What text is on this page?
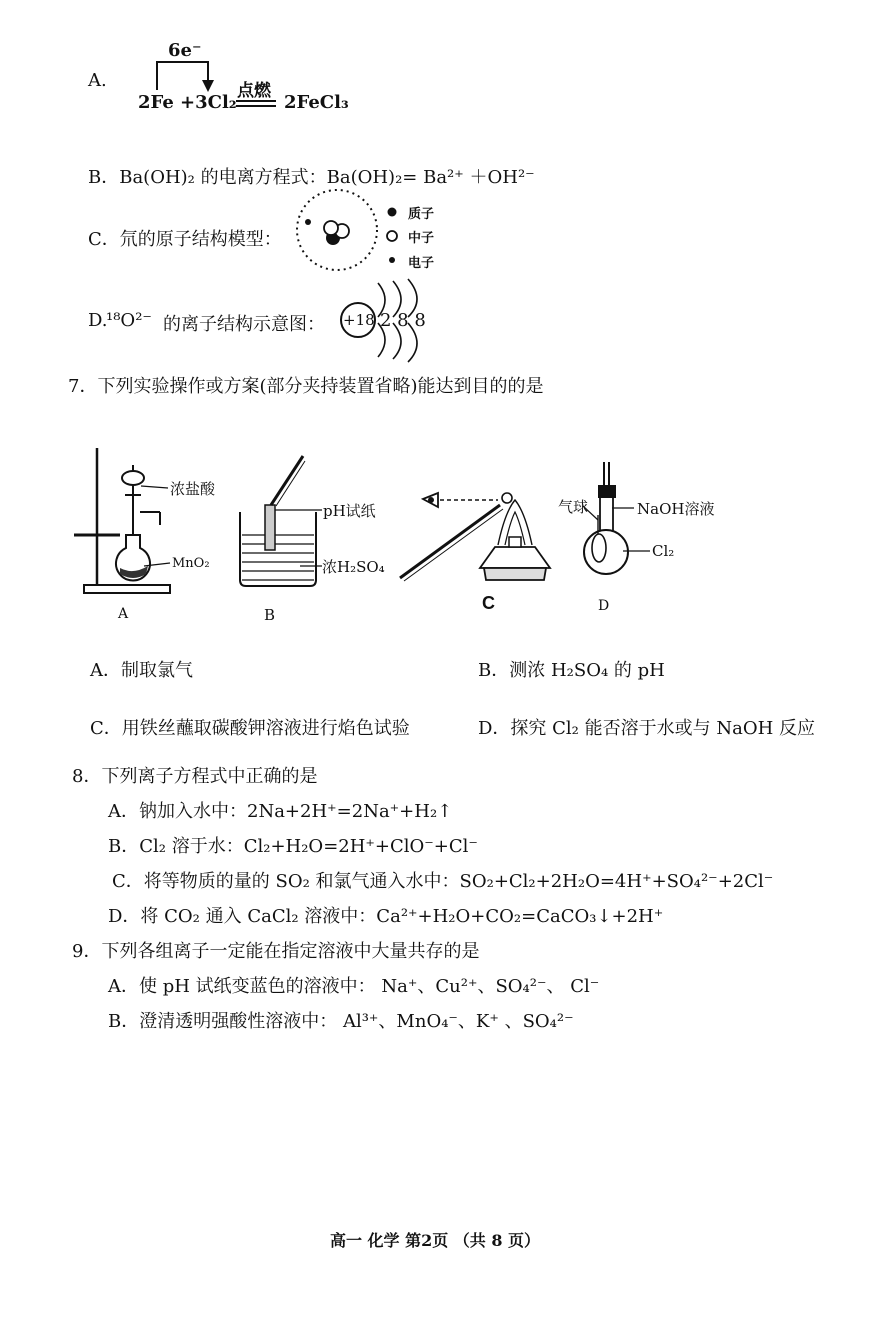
A.
6e⁻
2Fe +3Cl₂
点燃
2FeCl₃
B．Ba(OH)₂ 的电离方程式：Ba(OH)₂= Ba²⁺ ＋OH²⁻
C．氘的原子结构模型：
质子
中子
电子
D.
¹⁸O²⁻ 的离子结构示意图： +18 2 8 8
7．下列实验操作或方案(部分夹持装置省略)能达到目的的是
浓盐酸
MnO₂
A
pH试纸
浓H₂SO₄
B
C
气球	NaOH溶液
Cl₂
D
A．制取氯气	B．测浓 H₂SO₄ 的 pH
C．用铁丝蘸取碳酸钾溶液进行焰色试验	D．探究 Cl₂ 能否溶于水或与 NaOH 反应
8．下列离子方程式中正确的是
A．钠加入水中：2Na+2H⁺=2Na⁺+H₂↑
B．Cl₂ 溶于水：Cl₂+H₂O=2H⁺+ClO⁻+Cl⁻
C．将等物质的量的 SO₂ 和氯气通入水中：SO₂+Cl₂+2H₂O=4H⁺+SO₄²⁻+2Cl⁻
D．将 CO₂ 通入 CaCl₂ 溶液中：Ca²⁺+H₂O+CO₂=CaCO₃↓+2H⁺
9．下列各组离子一定能在指定溶液中大量共存的是
A．使 pH 试纸变蓝色的溶液中： Na⁺、Cu²⁺、SO₄²⁻、 Cl⁻
B．澄清透明强酸性溶液中： Al³⁺、MnO₄⁻、K⁺ 、SO₄²⁻
高一 化学 第2页 （共 8 页）
